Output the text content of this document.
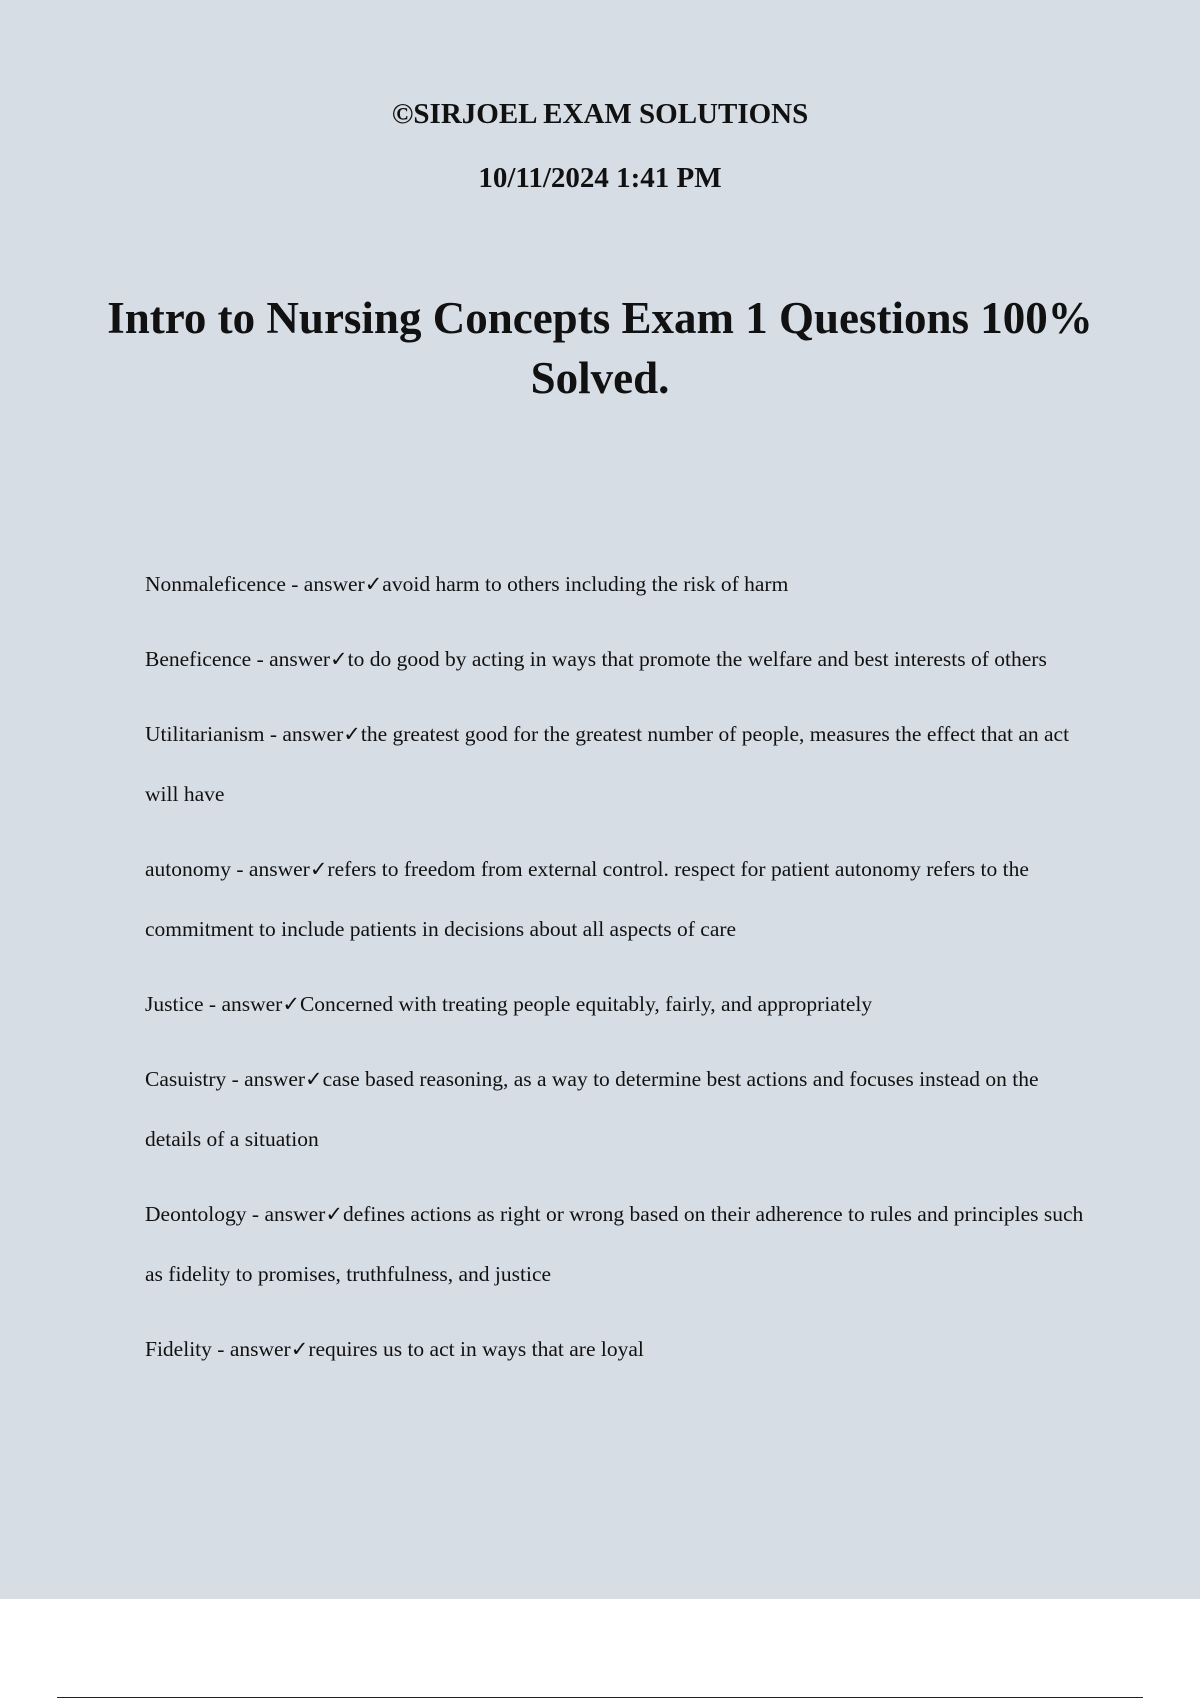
©SIRJOEL EXAM SOLUTIONS
10/11/2024 1:41 PM
Intro to Nursing Concepts Exam 1 Questions 100% Solved.
Nonmaleficence - answer✓avoid harm to others including the risk of harm
Beneficence - answer✓to do good by acting in ways that promote the welfare and best interests of others
Utilitarianism - answer✓the greatest good for the greatest number of people, measures the effect that an act will have
autonomy - answer✓refers to freedom from external control. respect for patient autonomy refers to the commitment to include patients in decisions about all aspects of care
Justice - answer✓Concerned with treating people equitably, fairly, and appropriately
Casuistry - answer✓case based reasoning, as a way to determine best actions and focuses instead on the details of a situation
Deontology - answer✓defines actions as right or wrong based on their adherence to rules and principles such as fidelity to promises, truthfulness, and justice
Fidelity - answer✓requires us to act in ways that are loyal
